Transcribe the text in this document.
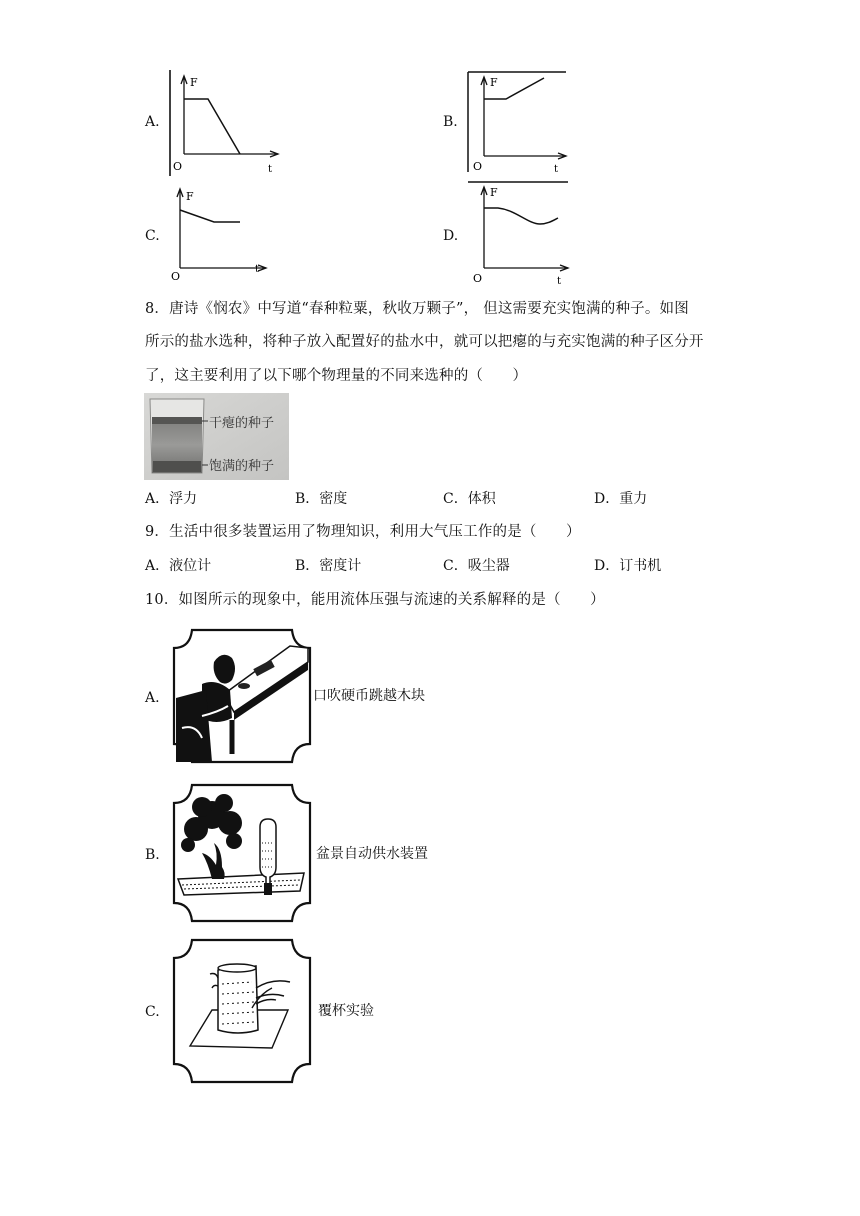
A.
F
O	t
B.
F
O	t
C.
F
O
t
D.
F
O	t
8．唐诗《悯农》中写道“春种粒粟，秋收万颗子”， 但这需要充实饱满的种子。如图
所示的盐水选种，将种子放入配置好的盐水中，就可以把瘪的与充实饱满的种子区分开
了，这主要利用了以下哪个物理量的不同来选种的（　　）
干瘪的种子
饱满的种子
A．浮力	B．密度	C．体积	D．重力
9．生活中很多装置运用了物理知识，利用大气压工作的是（　　）
A．液位计	B．密度计	C．吸尘器	D．订书机
10．如图所示的现象中，能用流体压强与流速的关系解释的是（　　）
A.	口吹硬币跳越木块
B.	盆景自动供水装置
C.	覆杯实验
